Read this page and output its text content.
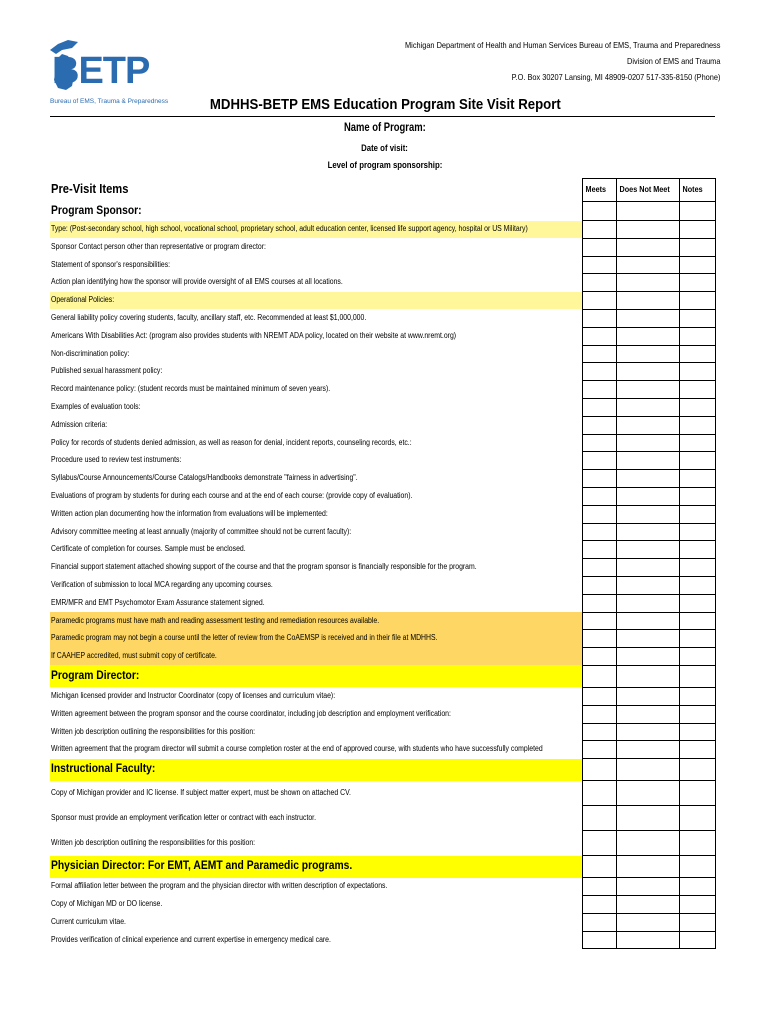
BETP
Bureau of EMS, Trauma & Preparedness
Michigan Department of Health and Human Services Bureau of EMS, Trauma and Preparedness
Division of EMS and Trauma
P.O. Box 30207 Lansing, MI 48909-0207 517-335-8150 (Phone)
MDHHS-BETP EMS Education Program Site Visit Report
Name of Program:
Date of visit:
Level of program sponsorship:
Pre-Visit Items	Meets	Does Not Meet	Notes
Program Sponsor:			
Type: (Post-secondary school, high school, vocational school, proprietary school, adult education center, licensed life support agency, hospital or US Military)			
Sponsor Contact person other than representative or program director:			
Statement of sponsor's responsibilities:			
Action plan identifying how the sponsor will provide oversight of all EMS courses at all locations.			
Operational Policies:			
General liability policy covering students, faculty, ancillary staff, etc. Recommended at least $1,000,000.			
Americans With Disabilities Act: (program also provides students with NREMT ADA policy, located on their website at www.nremt.org)			
Non-discrimination policy:			
Published sexual harassment policy:			
Record maintenance policy: (student records must be maintained minimum of seven years).			
Examples of evaluation tools:			
Admission criteria:			
Policy for records of students denied admission, as well as reason for denial, incident reports, counseling records, etc.:			
Procedure used to review test instruments:			
Syllabus/Course Announcements/Course Catalogs/Handbooks demonstrate "fairness in advertising".			
Evaluations of program by students for during each course and at the end of each course: (provide copy of evaluation).			
Written action plan documenting how the information from evaluations will be implemented:			
Advisory committee meeting at least annually (majority of committee should not be current faculty):			
Certificate of completion for courses. Sample must be enclosed.			
Financial support statement attached showing support of the course and that the program sponsor is financially responsible for the program.			
Verification of submission to local MCA regarding any upcoming courses.			
EMR/MFR and EMT Psychomotor Exam Assurance statement signed.			
Paramedic programs must have math and reading assessment testing and remediation resources available.			
Paramedic program may not begin a course until the letter of review from the CoAEMSP is received and in their file at MDHHS.			
If CAAHEP accredited, must submit copy of certificate.			
Program Director:			
Michigan licensed provider and Instructor Coordinator (copy of licenses and curriculum vitae):			
Written agreement between the program sponsor and the course coordinator, including job description and employment verification:			
Written job description outlining the responsibilities for this position:			
Written agreement that the program director will submit a course completion roster at the end of approved course, with students who have successfully completed			
Instructional Faculty:			
Copy of Michigan provider and IC license. If subject matter expert, must be shown on attached CV.			
Sponsor must provide an employment verification letter or contract with each instructor.			
Written job description outlining the responsibilities for this position:			
Physician Director: For EMT, AEMT and Paramedic programs.			
Formal affiliation letter between the program and the physician director with written description of expectations.			
Copy of Michigan MD or DO license.			
Current curriculum vitae.			
Provides verification of clinical experience and current expertise in emergency medical care.			
